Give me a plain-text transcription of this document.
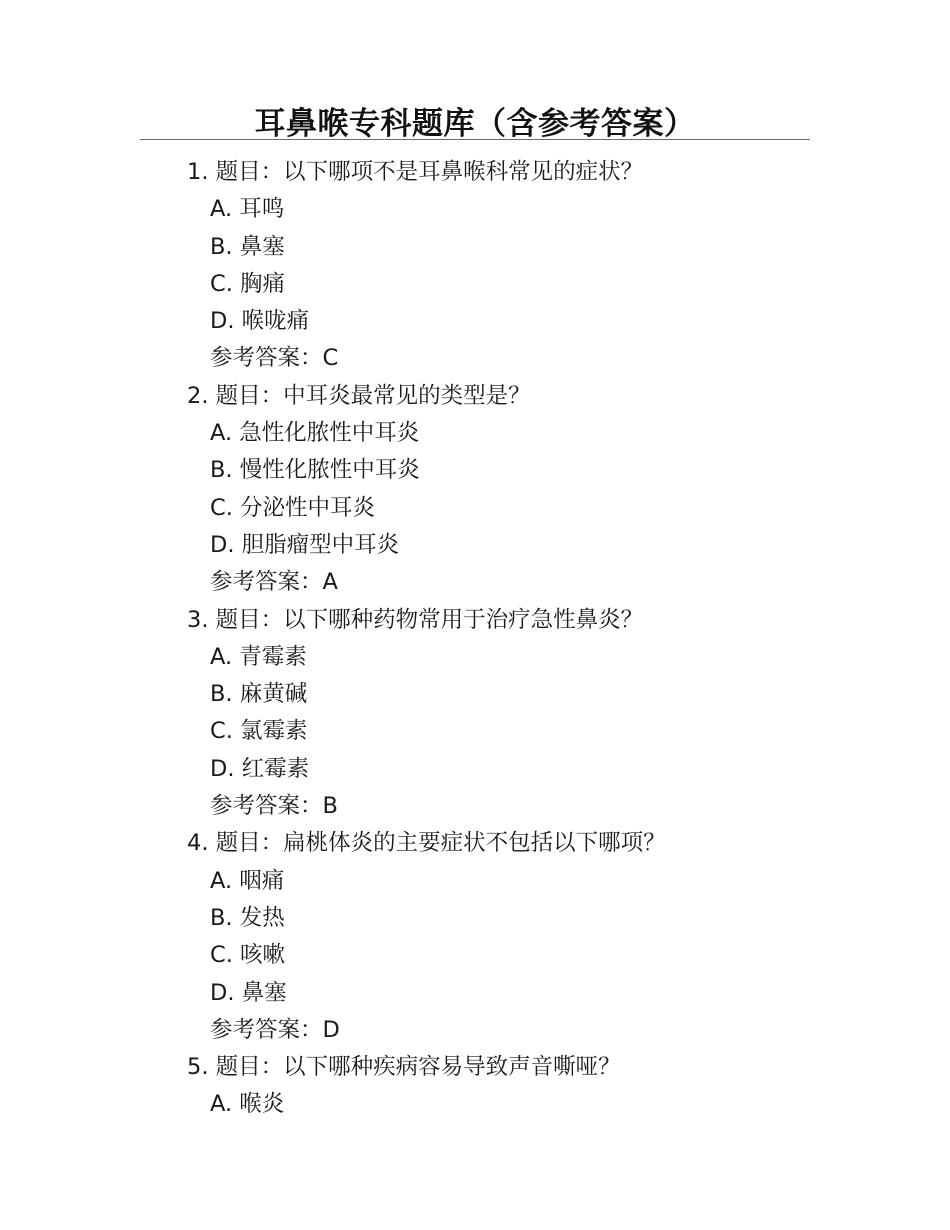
耳鼻喉专科题库（含参考答案）
1. 题目：以下哪项不是耳鼻喉科常见的症状？
A. 耳鸣
B. 鼻塞
C. 胸痛
D. 喉咙痛
参考答案：C
2. 题目：中耳炎最常见的类型是？
A. 急性化脓性中耳炎
B. 慢性化脓性中耳炎
C. 分泌性中耳炎
D. 胆脂瘤型中耳炎
参考答案：A
3. 题目：以下哪种药物常用于治疗急性鼻炎？
A. 青霉素
B. 麻黄碱
C. 氯霉素
D. 红霉素
参考答案：B
4. 题目：扁桃体炎的主要症状不包括以下哪项？
A. 咽痛
B. 发热
C. 咳嗽
D. 鼻塞
参考答案：D
5. 题目：以下哪种疾病容易导致声音嘶哑？
A. 喉炎
